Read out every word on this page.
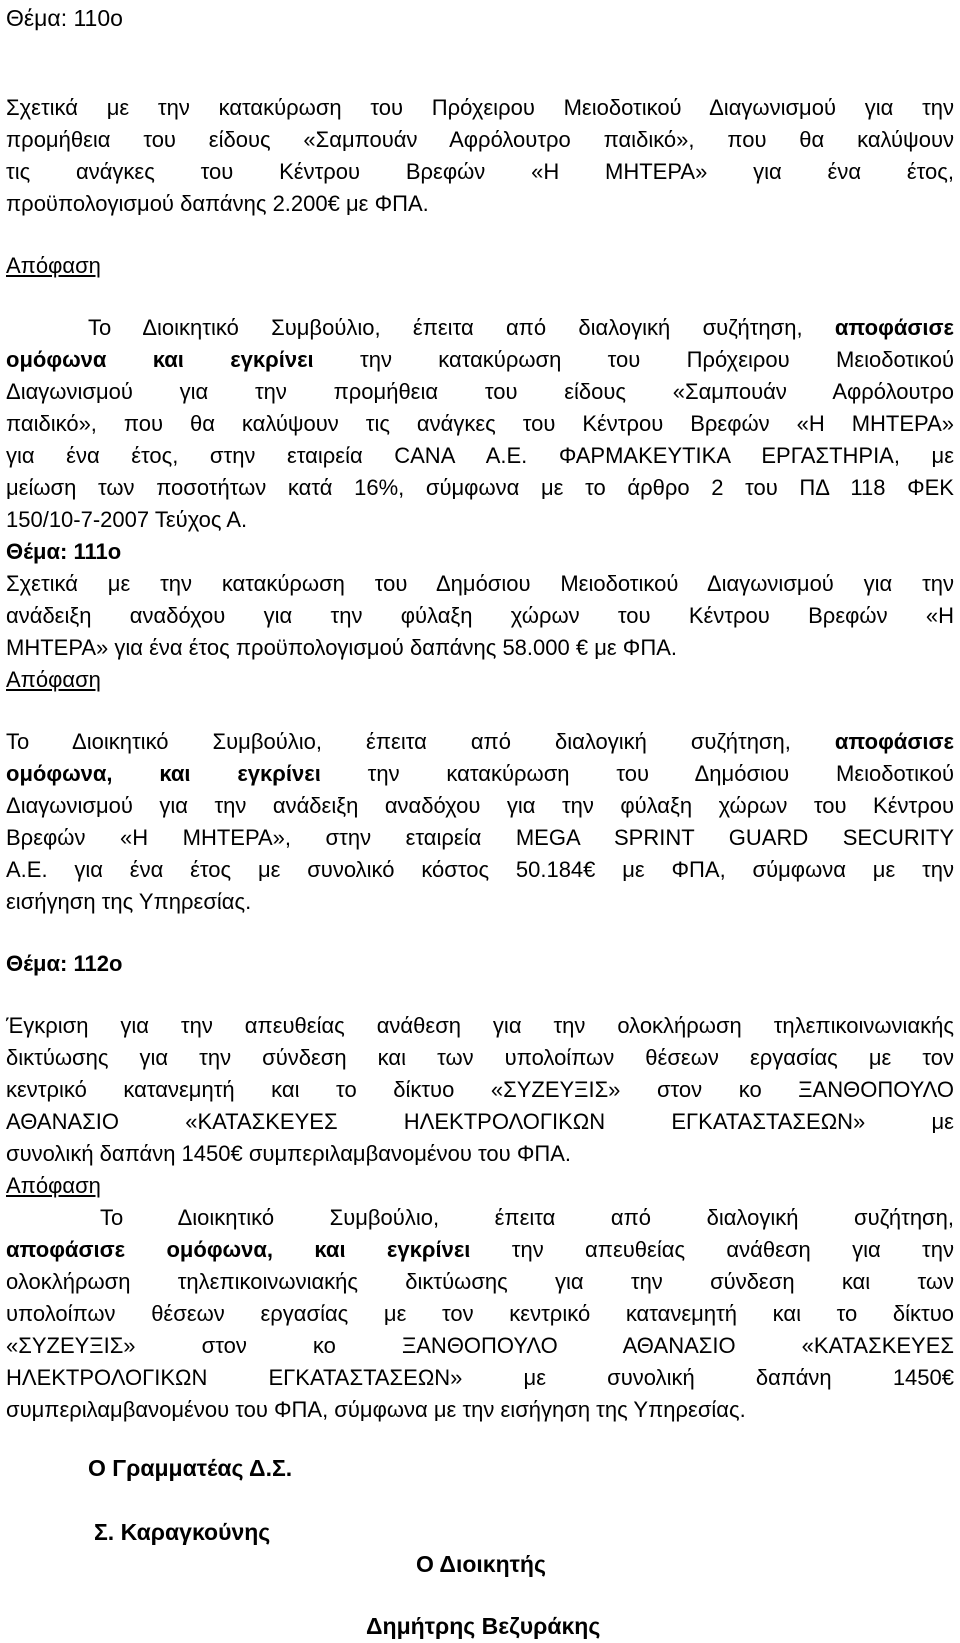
Θέμα: 110ο
Σχετικά με την κατακύρωση του Πρόχειρου Μειοδοτικού Διαγωνισμού για την
προμήθεια του είδους «Σαμπουάν Αφρόλουτρο παιδικό», που θα καλύψουν
τις ανάγκες του Κέντρου Βρεφών «Η ΜΗΤΕΡΑ» για ένα έτος,
προϋπολογισμού δαπάνης 2.200€ με ΦΠΑ.
Απόφαση
Το Διοικητικό Συμβούλιο, έπειτα από διαλογική συζήτηση, αποφάσισε
ομόφωνα και εγκρίνει την κατακύρωση του Πρόχειρου Μειοδοτικού
Διαγωνισμού για την προμήθεια του είδους «Σαμπουάν Αφρόλουτρο
παιδικό», που θα καλύψουν τις ανάγκες του Κέντρου Βρεφών «Η ΜΗΤΕΡΑ»
για ένα έτος, στην εταιρεία CANA Α.Ε. ΦΑΡΜΑΚΕΥΤΙΚΑ ΕΡΓΑΣΤΗΡΙΑ, με
μείωση των ποσοτήτων κατά 16%, σύμφωνα με το άρθρο 2 του ΠΔ 118 ΦΕΚ
150/10-7-2007 Τεύχος Α.
Θέμα: 111ο
Σχετικά με την κατακύρωση του Δημόσιου Μειοδοτικού Διαγωνισμού για την
ανάδειξη αναδόχου για την φύλαξη χώρων του Κέντρου Βρεφών «Η
ΜΗΤΕΡΑ» για ένα έτος προϋπολογισμού δαπάνης 58.000 € με ΦΠΑ.
Απόφαση
Το Διοικητικό Συμβούλιο, έπειτα από διαλογική συζήτηση, αποφάσισε
ομόφωνα, και εγκρίνει την κατακύρωση του Δημόσιου Μειοδοτικού
Διαγωνισμού για την ανάδειξη αναδόχου για την φύλαξη χώρων του Κέντρου
Βρεφών «Η ΜΗΤΕΡΑ», στην εταιρεία MEGA SPRINT GUARD SECURITY
Α.Ε. για ένα έτος με συνολικό κόστος 50.184€ με ΦΠΑ, σύμφωνα με την
εισήγηση της Υπηρεσίας.
Θέμα: 112ο
Έγκριση για την απευθείας ανάθεση για την ολοκλήρωση τηλεπικοινωνιακής
δικτύωσης για την σύνδεση και των υπολοίπων θέσεων εργασίας με τον
κεντρικό κατανεμητή και το δίκτυο «ΣΥΖΕΥΞΙΣ» στον κο ΞΑΝΘΟΠΟΥΛΟ
ΑΘΑΝΑΣΙΟ «ΚΑΤΑΣΚΕΥΕΣ ΗΛΕΚΤΡΟΛΟΓΙΚΩΝ ΕΓΚΑΤΑΣΤΑΣΕΩΝ» με
συνολική δαπάνη 1450€ συμπεριλαμβανομένου του ΦΠΑ.
Απόφαση
Το Διοικητικό Συμβούλιο, έπειτα από διαλογική συζήτηση,
αποφάσισε ομόφωνα, και εγκρίνει την απευθείας ανάθεση για την
ολοκλήρωση τηλεπικοινωνιακής δικτύωσης για την σύνδεση και των
υπολοίπων θέσεων εργασίας με τον κεντρικό κατανεμητή και το δίκτυο
«ΣΥΖΕΥΞΙΣ» στον κο ΞΑΝΘΟΠΟΥΛΟ ΑΘΑΝΑΣΙΟ «ΚΑΤΑΣΚΕΥΕΣ
ΗΛΕΚΤΡΟΛΟΓΙΚΩΝ ΕΓΚΑΤΑΣΤΑΣΕΩΝ» με συνολική δαπάνη 1450€
συμπεριλαμβανομένου του ΦΠΑ, σύμφωνα με την εισήγηση της Υπηρεσίας.
Ο Γραμματέας Δ.Σ.
Σ. Καραγκούνης
Ο Διοικητής
Δημήτρης Βεζυράκης
